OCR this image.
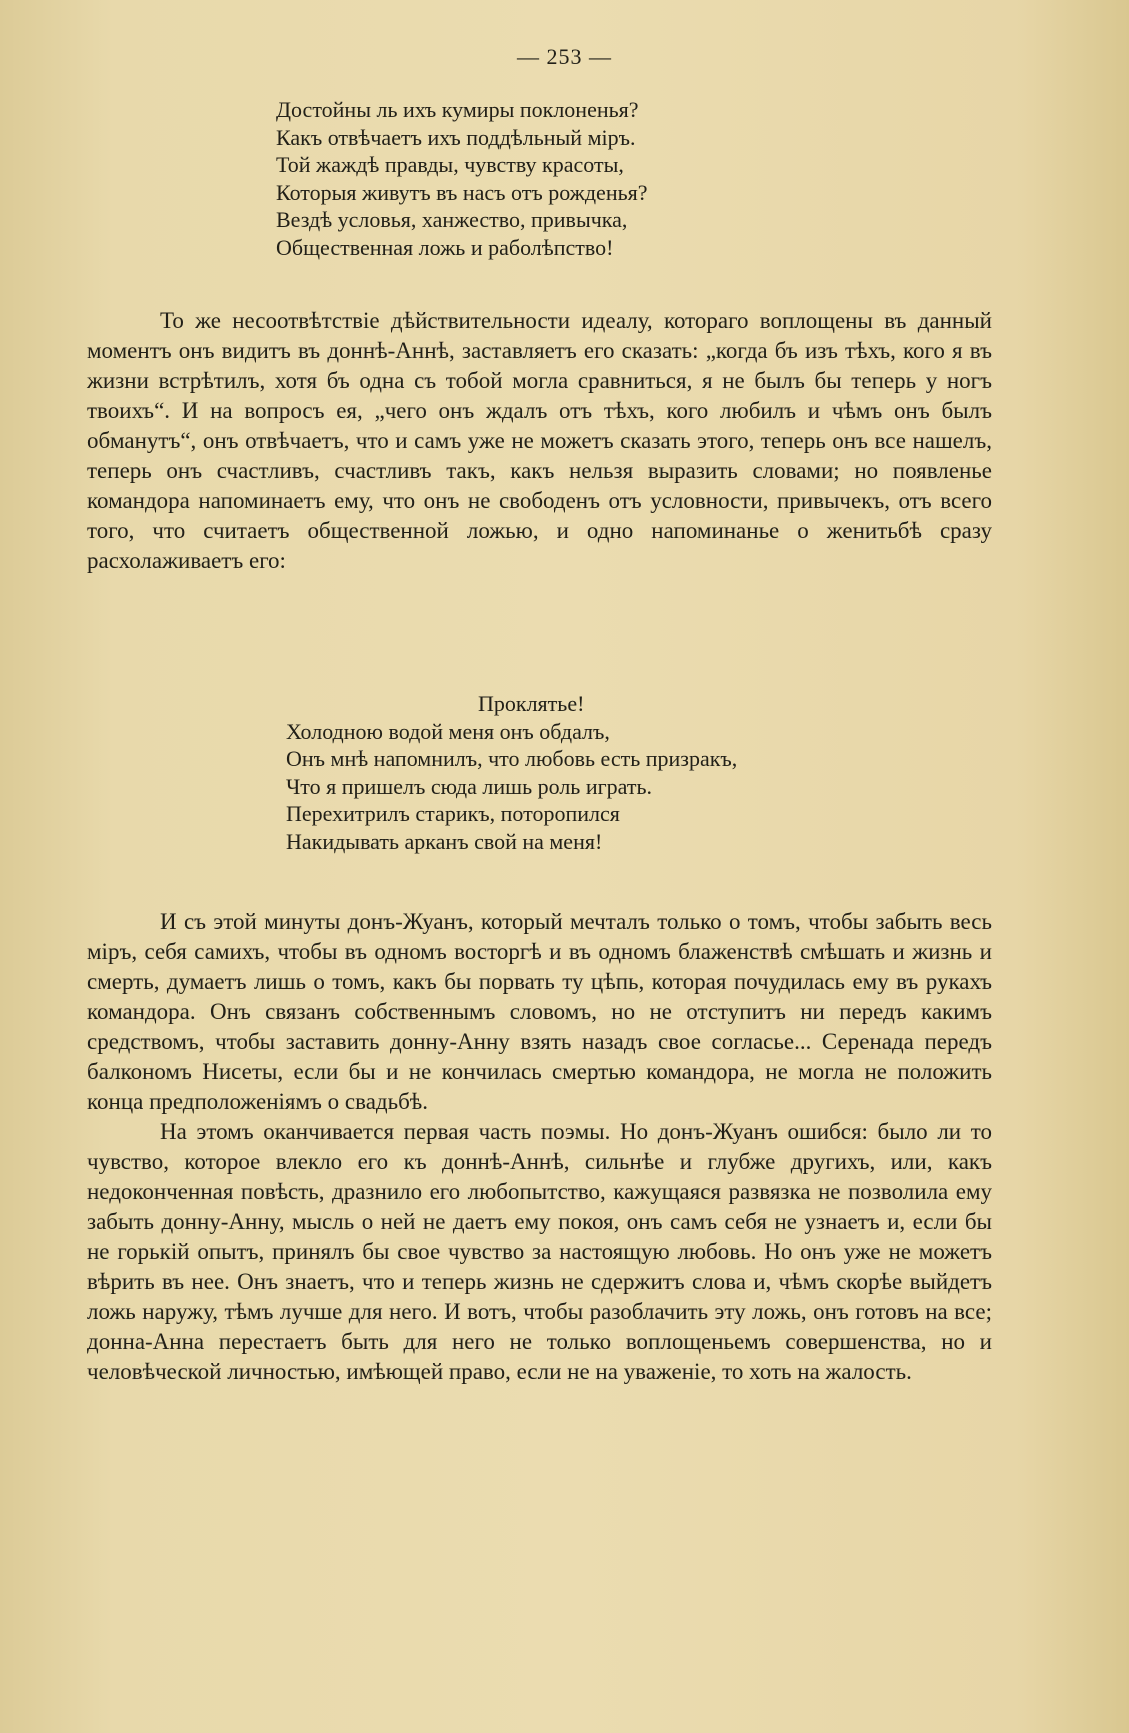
— 253 —
Достойны ль ихъ кумиры поклоненья?
Какъ отвѣчаетъ ихъ поддѣльный міръ.
Той жаждѣ правды, чувству красоты,
Которыя живутъ въ насъ отъ рожденья?
Вездѣ условья, ханжество, привычка,
Общественная ложь и раболѣпство!

То же несоотвѣтствіе дѣйствительности идеалу, котораго воплощены въ данный моментъ онъ видитъ въ доннѣ-Аннѣ, заставляетъ его сказать: „когда бъ изъ тѣхъ, кого я въ жизни встрѣтилъ, хотя бъ одна съ тобой могла сравниться, я не былъ бы теперь у ногъ твоихъ“. И на вопросъ ея, „чего онъ ждалъ отъ тѣхъ, кого любилъ и чѣмъ онъ былъ обманутъ“, онъ отвѣчаетъ, что и самъ уже не можетъ сказать этого, теперь онъ все нашелъ, теперь онъ счастливъ, счастливъ такъ, какъ нельзя выразить словами; но появленье командора напоминаетъ ему, что онъ не свободенъ отъ условности, привычекъ, отъ всего того, что считаетъ общественной ложью, и одно напоминанье о женитьбѣ сразу расхолаживаетъ его:

Проклятье!
Холодною водой меня онъ обдалъ,
Онъ мнѣ напомнилъ, что любовь есть призракъ,
Что я пришелъ сюда лишь роль играть.
Перехитрилъ старикъ, поторопился
Накидывать арканъ свой на меня!

И съ этой минуты донъ-Жуанъ, который мечталъ только о томъ, чтобы забыть весь міръ, себя самихъ, чтобы въ одномъ восторгѣ и въ одномъ блаженствѣ смѣшать и жизнь и смерть, думаетъ лишь о томъ, какъ бы порвать ту цѣпь, которая почудилась ему въ рукахъ командора. Онъ связанъ собственнымъ словомъ, но не отступитъ ни передъ какимъ средствомъ, чтобы заставить донну-Анну взять назадъ свое согласье... Серенада передъ балкономъ Нисеты, если бы и не кончилась смертью командора, не могла не положить конца предположеніямъ о свадьбѣ.

На этомъ оканчивается первая часть поэмы. Но донъ-Жуанъ ошибся: было ли то чувство, которое влекло его къ доннѣ-Аннѣ, сильнѣе и глубже другихъ, или, какъ недоконченная повѣсть, дразнило его любопытство, кажущаяся развязка не позволила ему забыть донну-Анну, мысль о ней не даетъ ему покоя, онъ самъ себя не узнаетъ и, если бы не горькій опытъ, принялъ бы свое чувство за настоящую любовь. Но онъ уже не можетъ вѣрить въ нее. Онъ знаетъ, что и теперь жизнь не сдержитъ слова и, чѣмъ скорѣе выйдетъ ложь наружу, тѣмъ лучше для него. И вотъ, чтобы разоблачить эту ложь, онъ готовъ на все; донна-Анна перестаетъ быть для него не только воплощеньемъ совершенства, но и человѣческой личностью, имѣющей право, если не на уваженіе, то хоть на жалость.
